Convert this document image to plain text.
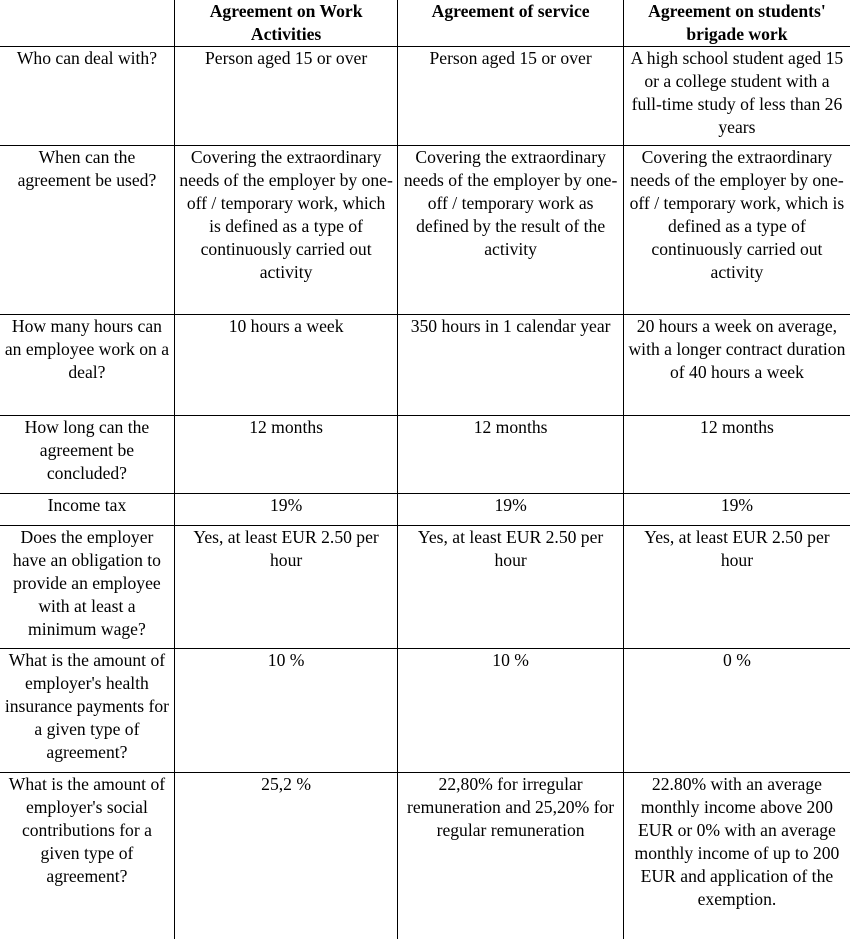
	Agreement on Work Activities	Agreement of service	Agreement on students' brigade work
Who can deal with?	Person aged 15 or over	Person aged 15 or over	A high school student aged 15 or a college student with a full-time study of less than 26 years
When can the agreement be used?	Covering the extraordinary needs of the employer by one-off / temporary work, which is defined as a type of continuously carried out activity	Covering the extraordinary needs of the employer by one-off / temporary work as defined by the result of the activity	Covering the extraordinary needs of the employer by one-off / temporary work, which is defined as a type of continuously carried out activity
How many hours can an employee work on a deal?	10 hours a week	350 hours in 1 calendar year	20 hours a week on average, with a longer contract duration of 40 hours a week
How long can the agreement be concluded?	12 months	12 months	12 months
Income tax	19%	19%	19%
Does the employer have an obligation to provide an employee with at least a minimum wage?	Yes, at least EUR 2.50 per hour	Yes, at least EUR 2.50 per hour	Yes, at least EUR 2.50 per hour
What is the amount of employer's health insurance payments for a given type of agreement?	10 %	10 %	0 %
What is the amount of employer's social contributions for a given type of agreement?	25,2 %	22,80% for irregular remuneration and 25,20% for regular remuneration	22.80% with an average monthly income above 200 EUR or 0% with an average monthly income of up to 200 EUR and application of the exemption.
